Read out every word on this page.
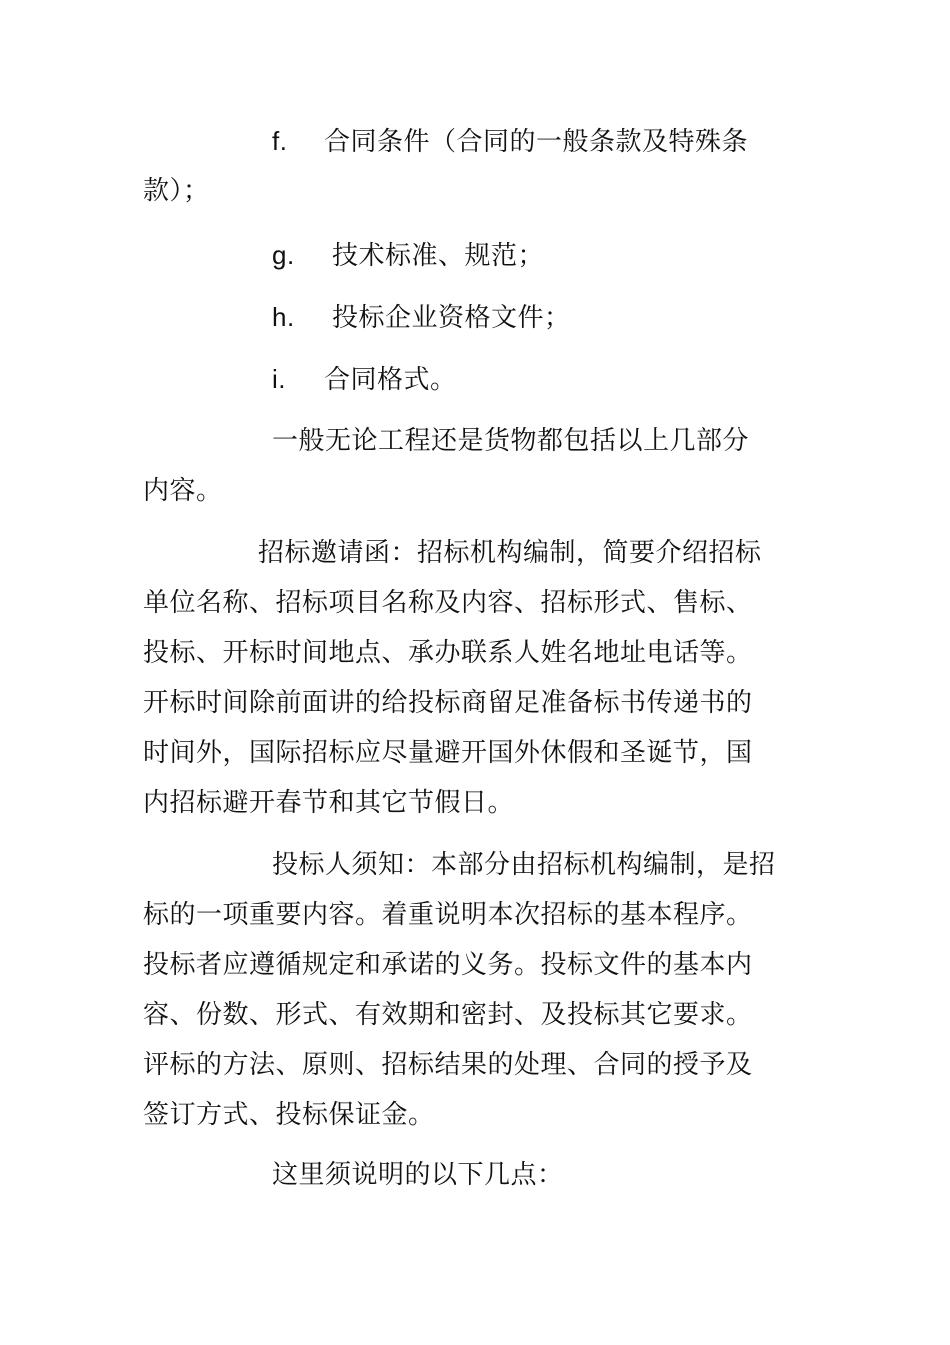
f. 合同条件（合同的一般条款及特殊条
款）；
g. 技术标准、规范；
h. 投标企业资格文件；
i. 合同格式。
一般无论工程还是货物都包括以上几部分
内容。
招标邀请函：招标机构编制，简要介绍招标
单位名称、招标项目名称及内容、招标形式、售标、
投标、开标时间地点、承办联系人姓名地址电话等。
开标时间除前面讲的给投标商留足准备标书传递书的
时间外，国际招标应尽量避开国外休假和圣诞节，国
内招标避开春节和其它节假日。
投标人须知：本部分由招标机构编制，是招
标的一项重要内容。着重说明本次招标的基本程序。
投标者应遵循规定和承诺的义务。投标文件的基本内
容、份数、形式、有效期和密封、及投标其它要求。
评标的方法、原则、招标结果的处理、合同的授予及
签订方式、投标保证金。
这里须说明的以下几点：
